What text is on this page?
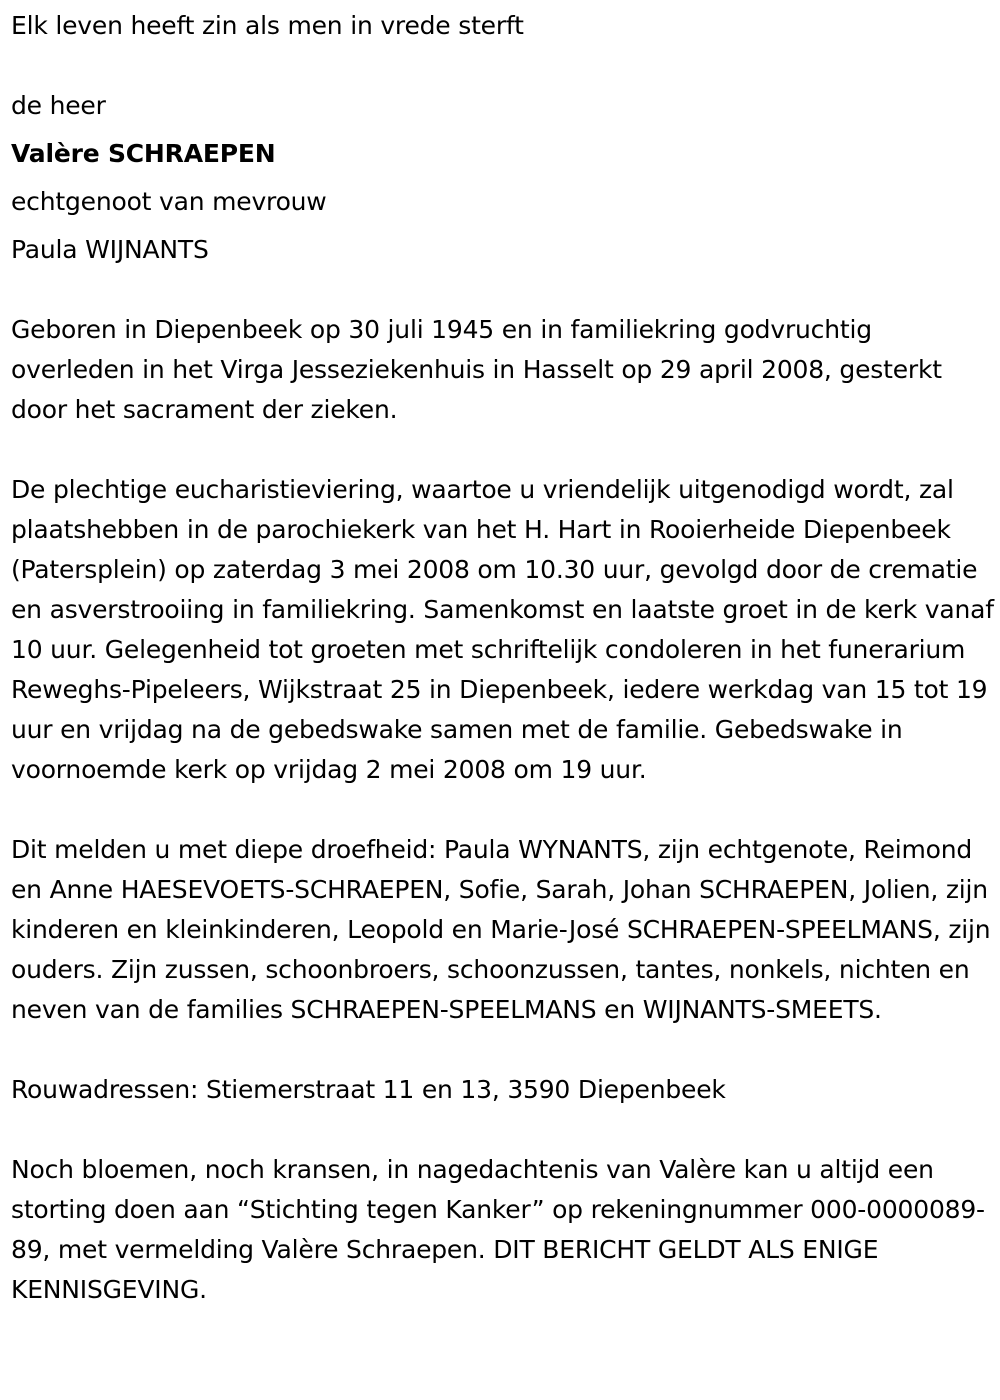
Elk leven heeft zin als men in vrede sterft

de heer

Valère SCHRAEPEN

echtgenoot van mevrouw

Paula WIJNANTS

Geboren in Diepenbeek op 30 juli 1945 en in familiekring godvruchtig overleden in het Virga Jesseziekenhuis in Hasselt op 29 april 2008, gesterkt door het sacrament der zieken.

De plechtige eucharistieviering, waartoe u vriendelijk uitgenodigd wordt, zal plaatshebben in de parochiekerk van het H. Hart in Rooierheide Diepenbeek (Patersplein) op zaterdag 3 mei 2008 om 10.30 uur, gevolgd door de crematie en asverstrooiing in familiekring. Samenkomst en laatste groet in de kerk vanaf 10 uur. Gelegenheid tot groeten met schriftelijk condoleren in het funerarium Reweghs-Pipeleers, Wijkstraat 25 in Diepenbeek, iedere werkdag van 15 tot 19 uur en vrijdag na de gebedswake samen met de familie. Gebedswake in voornoemde kerk op vrijdag 2 mei 2008 om 19 uur.

Dit melden u met diepe droefheid: Paula WYNANTS, zijn echtgenote, Reimond en Anne HAESEVOETS-SCHRAEPEN, Sofie, Sarah, Johan SCHRAEPEN, Jolien, zijn kinderen en kleinkinderen, Leopold en Marie-José SCHRAEPEN-SPEELMANS, zijn ouders. Zijn zussen, schoonbroers, schoonzussen, tantes, nonkels, nichten en neven van de families SCHRAEPEN-SPEELMANS en WIJNANTS-SMEETS.

Rouwadressen: Stiemerstraat 11 en 13, 3590 Diepenbeek

Noch bloemen, noch kransen, in nagedachtenis van Valère kan u altijd een storting doen aan “Stichting tegen Kanker” op rekeningnummer 000-0000089-89, met vermelding Valère Schraepen. DIT BERICHT GELDT ALS ENIGE KENNISGEVING.
